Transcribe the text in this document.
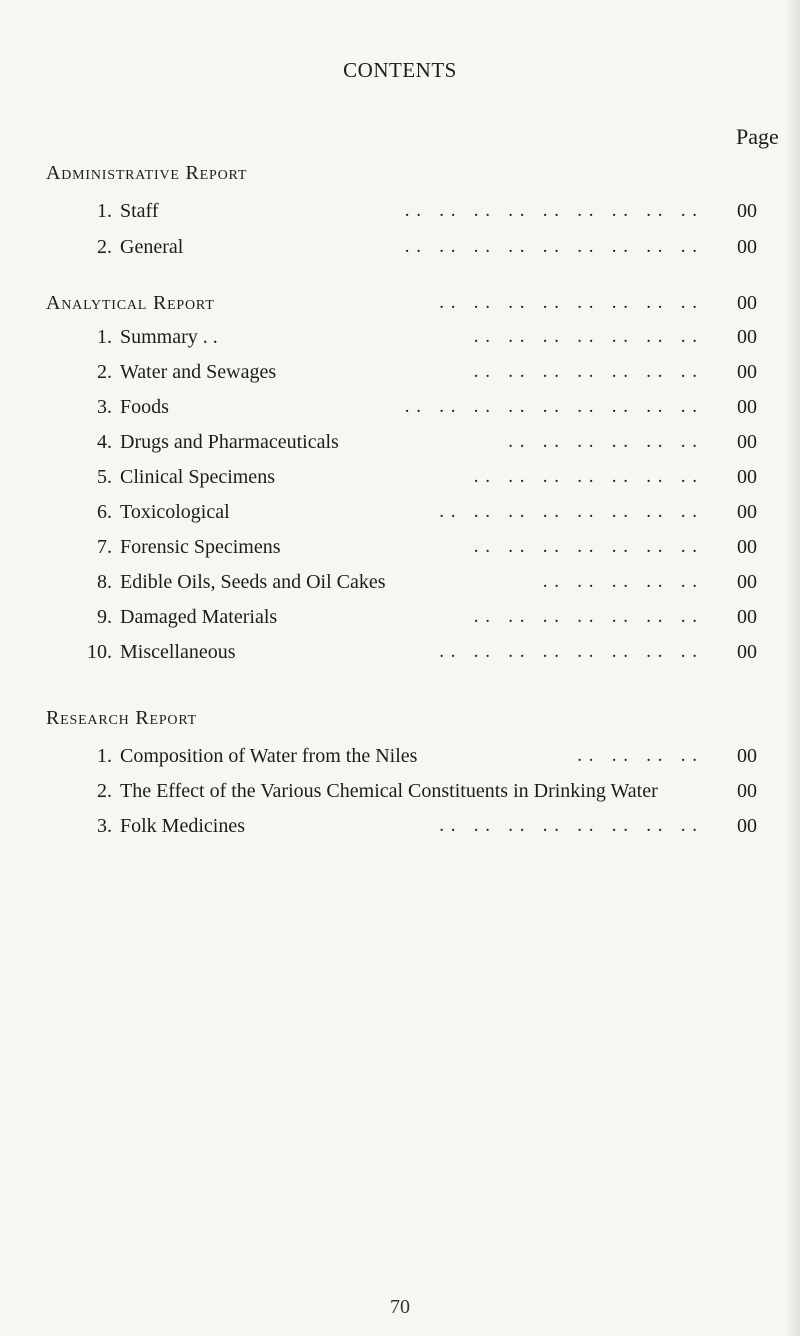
CONTENTS
Page
Administrative Report
1. Staff	. .   . .   . .   . .   . .   . .   . .   . .   . . 00
2. General	. .   . .   . .   . .   . .   . .   . .   . .   . . 00
Analytical Report	. .   . .   . .   . .   . .   . .   . .   . . 00
1. Summary . .	. .   . .   . .   . .   . .   . .   . . 00
2. Water and Sewages	. .   . .   . .   . .   . .   . .   . . 00
3. Foods	. .   . .   . .   . .   . .   . .   . .   . .   . . 00
4. Drugs and Pharmaceuticals	. .   . .   . .   . .   . .   . . 00
5. Clinical Specimens	. .   . .   . .   . .   . .   . .   . . 00
6. Toxicological	. .   . .   . .   . .   . .   . .   . .   . . 00
7. Forensic Specimens	. .   . .   . .   . .   . .   . .   . . 00
8. Edible Oils, Seeds and Oil Cakes	. .   . .   . .   . .   . . 00
9. Damaged Materials	. .   . .   . .   . .   . .   . .   . . 00
10. Miscellaneous	. .   . .   . .   . .   . .   . .   . .   . . 00
Research Report
1. Composition of Water from the Niles	. .   . .   . .   . . 00
2. The Effect of the Various Chemical Constituents in Drinking Water	00
3. Folk Medicines	. .   . .   . .   . .   . .   . .   . .   . . 00
70
